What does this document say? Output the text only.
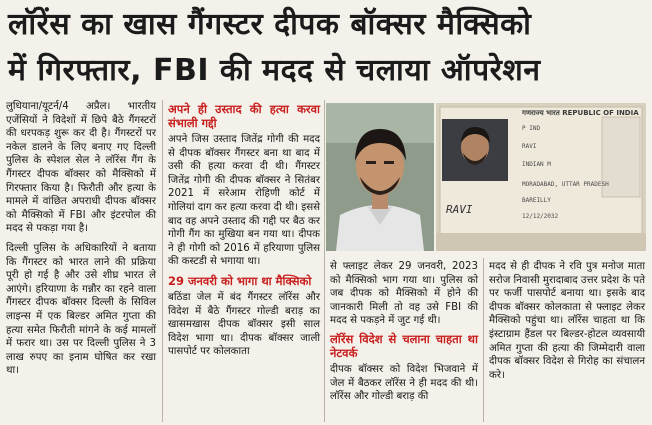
लॉरेंस का खास गैंगस्टर दीपक बॉक्सर मैक्सिको
में गिरफ्तार, FBI की मदद से चलाया ऑपरेशन

लुधियाना/यूटर्न/4 अप्रैल। भारतीय एजेंसियों ने विदेशों में छिपे बैठे गैंगस्टरों की धरपकड़ शुरू कर दी है। गैंगस्टरों पर नकेल डालने के लिए बनाए गए दिल्ली पुलिस के स्पेशल सेल ने लॉरेंस गैंग के गैंगस्टर दीपक बॉक्सर को मैक्सिको में गिरफ्तार किया है। फिरौती और हत्या के मामले में वांछित अपराधी दीपक बॉक्सर को मैक्सिको में FBI और इंटरपोल की मदद से पकड़ा गया है।

दिल्ली पुलिस के अधिकारियों ने बताया कि गैंगस्टर को भारत लाने की प्रक्रिया पूरी हो गई है और उसे शीघ्र भारत ले आएंगे। हरियाणा के गन्नौर का रहने वाला गैंगस्टर दीपक बॉक्सर दिल्ली के सिविल लाइन्स में एक बिल्डर अमित गुप्ता की हत्या समेत फिरौती मांगने के कई मामलों में फरार था। उस पर दिल्ली पुलिस ने 3 लाख रुपए का इनाम घोषित कर रखा था।

अपने ही उस्ताद की हत्या करवा संभाली गद्दी

अपने जिस उस्ताद जितेंद्र गोगी की मदद से दीपक बॉक्सर गैंगस्टर बना था बाद में उसी की हत्या करवा दी थी। गैंगस्टर जितेंद्र गोगी की दीपक बॉक्सर ने सितंबर 2021 में सरेआम रोहिणी कोर्ट में गोलियां दाग कर हत्या करवा दी थी। इससे बाद वह अपने उस्ताद की गद्दी पर बैठ कर गोगी गैंग का मुखिया बन गया था। दीपक ने ही गोगी को 2016 में हरियाणा पुलिस की कस्टडी से भगाया था।

29 जनवरी को भागा था मैक्सिको

बठिंडा जेल में बंद गैंगस्टर लॉरेंस और विदेश में बैठे गैंगस्टर गोल्डी बराड़ का खासमखास दीपक बॉक्सर इसी साल विदेश भागा था। दीपक बॉक्सर जाली पासपोर्ट पर कोलकाता

गणराज्य भारत REPUBLIC OF INDIA
P IND
RAVI
INDIAN M
MORADABAD, UTTAR PRADESH
BAREILLY
12/12/2032
RAVI

से फ्लाइट लेकर 29 जनवरी, 2023 को मैक्सिको भाग गया था। पुलिस को जब दीपक को मैक्सिको में होने की जानकारी मिली तो वह उसे FBI की मदद से पकड़ने में जुट गई थी।

लॉरेंस विदेश से चलाना चाहता था नेटवर्क

दीपक बॉक्सर को विदेश भिजवाने में जेल में बैठकर लॉरेंस ने ही मदद की थी। लॉरेंस और गोल्डी बराड़ की

मदद से ही दीपक ने रवि पुत्र मनोज माता सरोज निवासी मुरादाबाद उत्तर प्रदेश के पते पर फर्जी पासपोर्ट बनाया था। इसके बाद दीपक बॉक्सर कोलकाता से फ्लाइट लेकर मैक्सिको पहुंचा था। लॉरेंस चाहता था कि इंस्टाग्राम हैंडल पर बिल्डर-होटल व्यवसायी अमित गुप्ता की हत्या की जिम्मेदारी वाला दीपक बॉक्सर विदेश से गिरोह का संचालन करे।
